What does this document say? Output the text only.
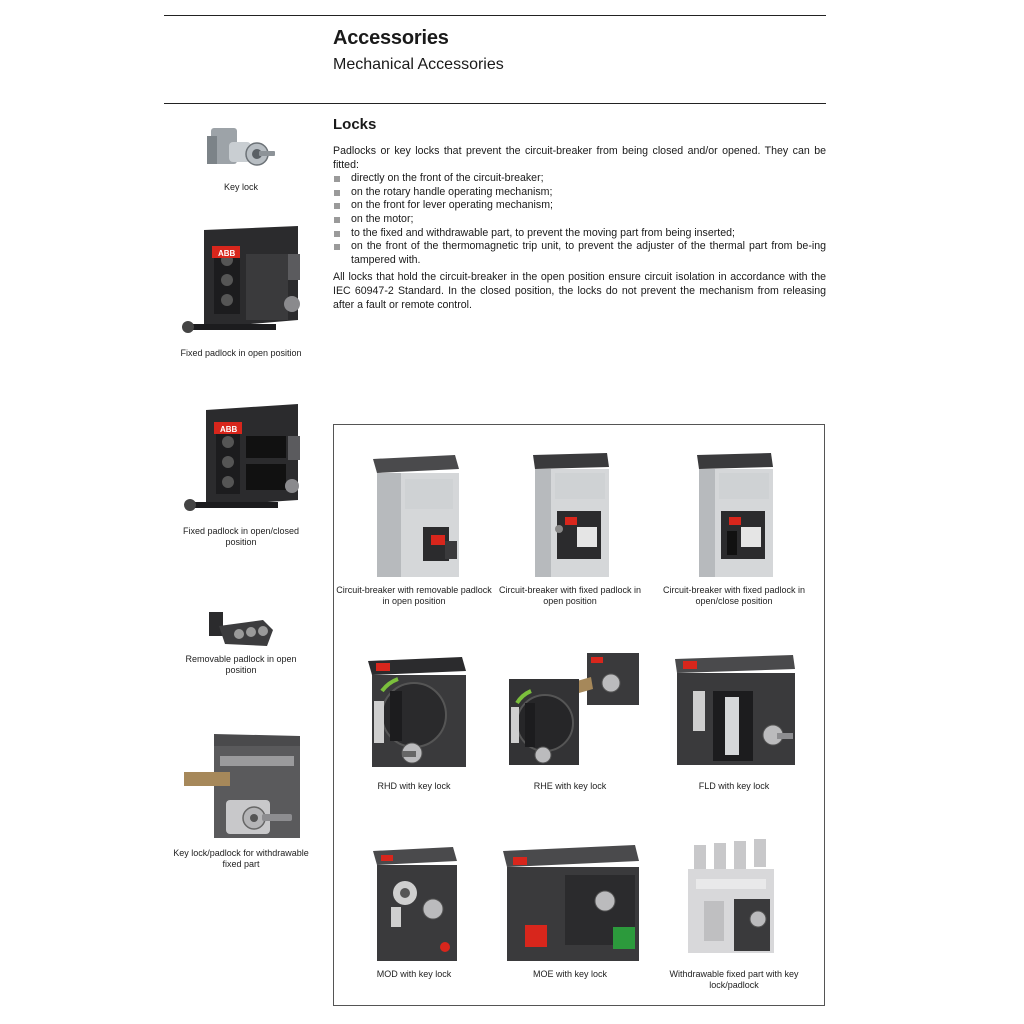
Accessories
Mechanical Accessories
Locks

Padlocks or key locks that prevent the circuit-breaker from being closed and/or opened. They can be fitted:

directly on the front of the circuit-breaker;
on the rotary handle operating mechanism;
on the front for lever operating mechanism;
on the motor;
to the fixed and withdrawable part, to prevent the moving part from being inserted;
on the front of the thermomagnetic trip unit, to prevent the adjuster of the thermal part from be-ing tampered with.

All locks that hold the circuit-breaker in the open position ensure circuit isolation in accordance with the IEC 60947-2 Standard. In the closed position, the locks do not prevent the mechanism from releasing after a fault or remote control.

Key lock
ABB
Fixed padlock in open position
ABB
Fixed padlock in open/closed position
Removable padlock in open position
Key lock/padlock for withdrawable fixed part
Circuit-breaker with removable padlock in open position
Circuit-breaker with fixed padlock in open position
Circuit-breaker with fixed padlock in open/close position
RHD with key lock	RHE with key lock	FLD with key lock
MOD with key lock	MOE with key lock	Withdrawable fixed part with key lock/padlock
